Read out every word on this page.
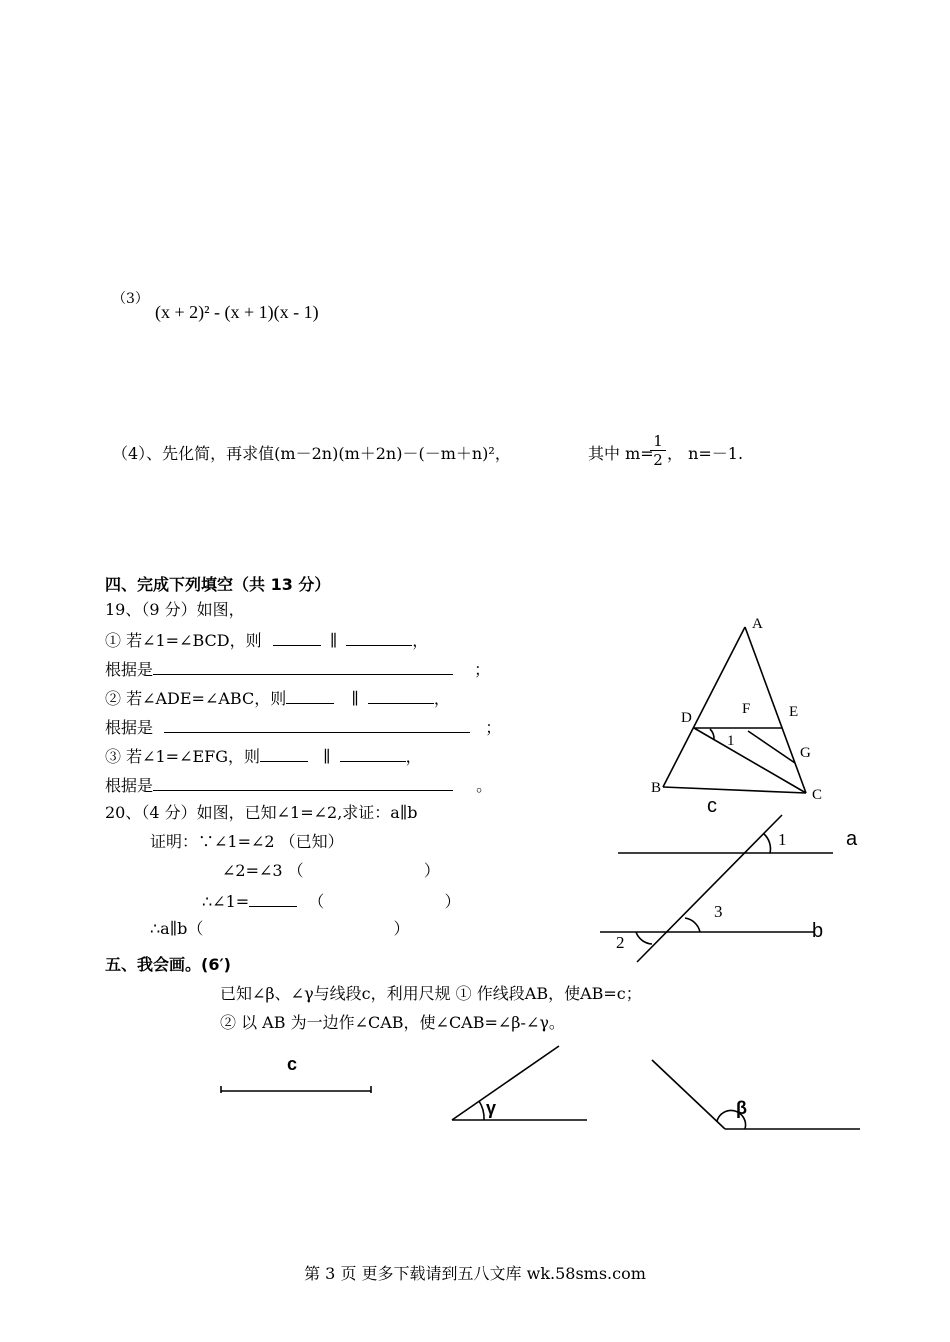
（3）
(x + 2)² - (x + 1)(x - 1)
（4）、先化简，再求值(m－2n)(m＋2n)－(－m＋n)²，	其中 m=
1
2 ， n=－1.
四、完成下列填空（共 13 分）
19、（9 分）如图，
① 若∠1=∠BCD，则	∥	，
根据是	；
② 若∠ADE=∠ABC，则	∥	，
根据是	；
③ 若∠1=∠EFG，则	∥	，
根据是	。
20、（4 分）如图，已知∠1=∠2,求证：a∥b
证明：∵∠1=∠2 （已知）
∠2=∠3 （	）
∴∠1=	（	）
∴a∥b（	）
五、我会画。(6′)
已知∠β、∠γ与线段c，利用尺规 ① 作线段AB，使AB=c；
② 以 AB 为一边作∠CAB，使∠CAB=∠β-∠γ。
A
D
F	E
1
G
B	C
c
1	a
3
b
2
c
γ	β
第 3 页 更多下载请到五八文库 wk.58sms.com
